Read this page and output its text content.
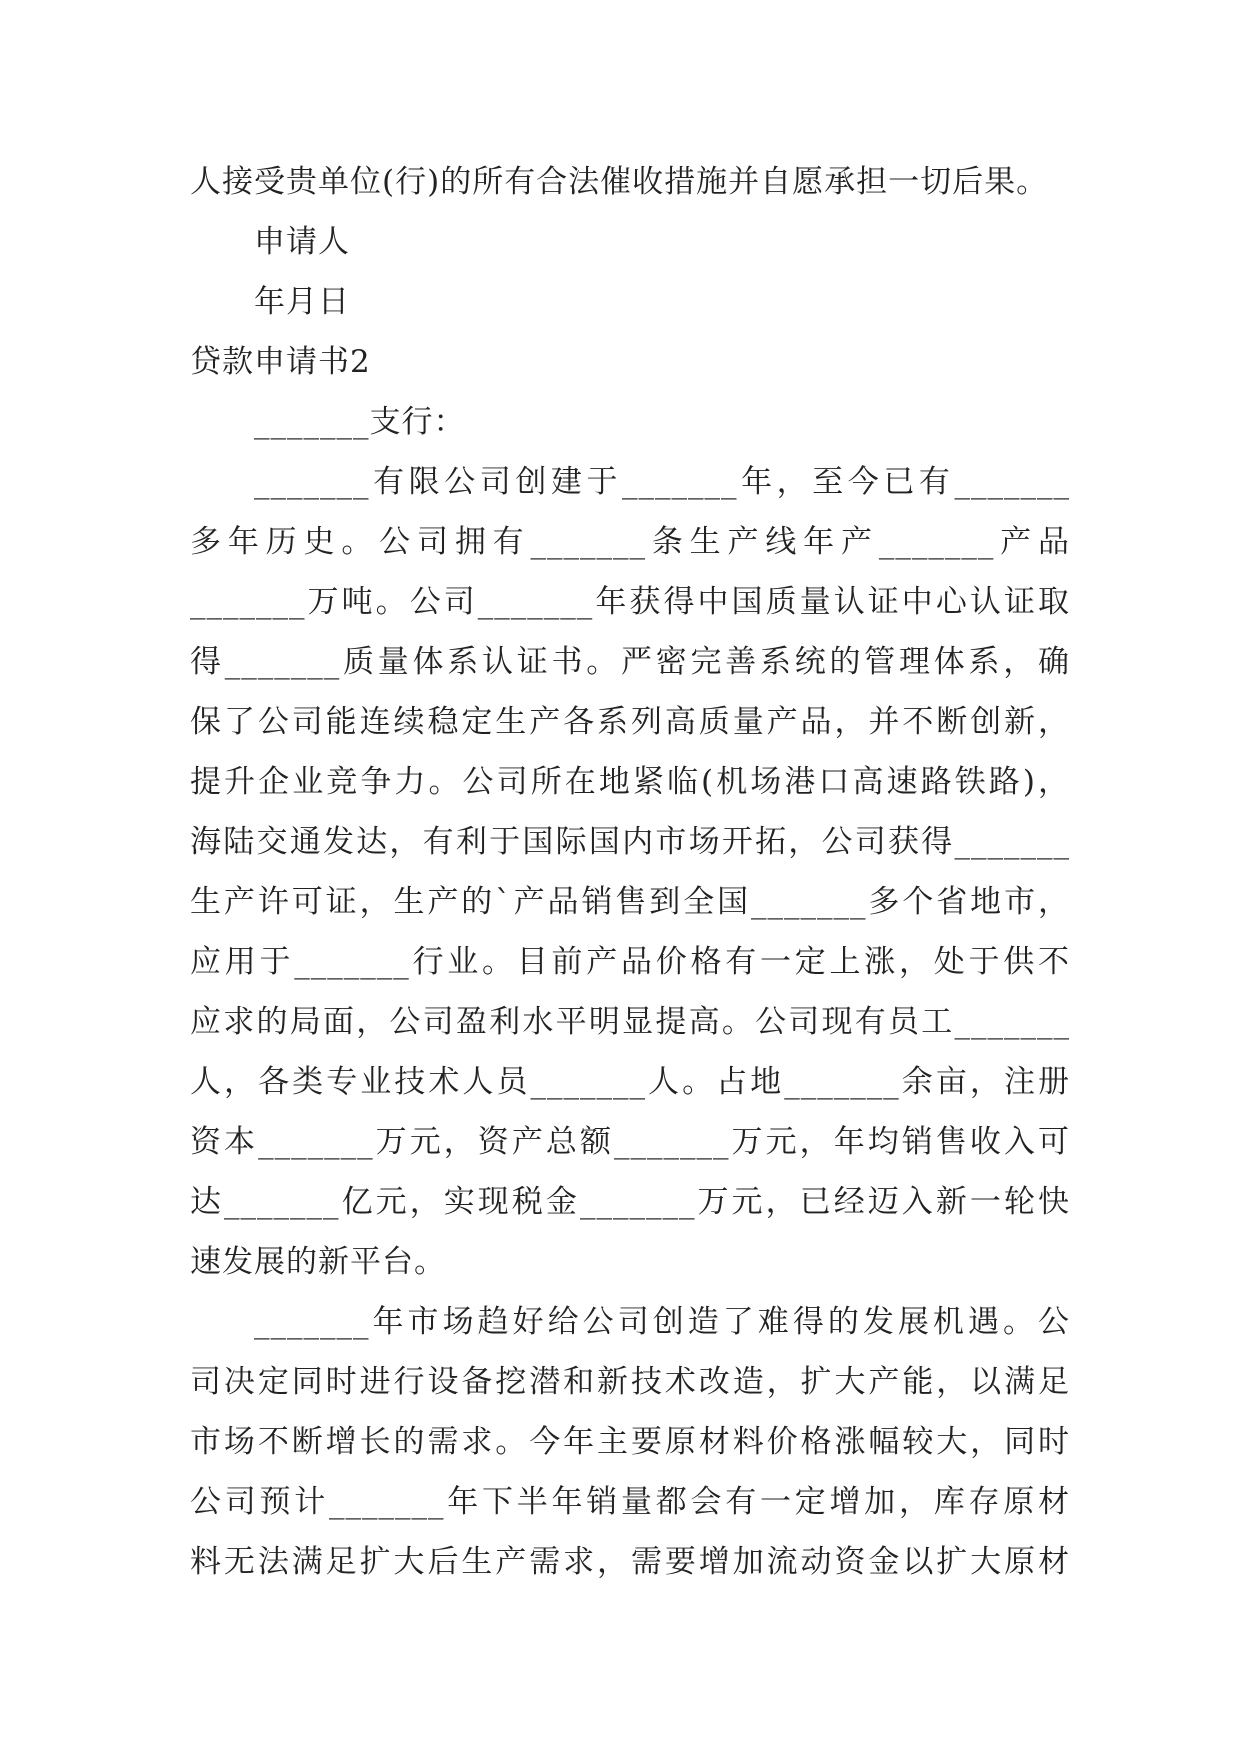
人接受贵单位(行)的所有合法催收措施并自愿承担一切后果。
申请人
年月日
贷款申请书2
_______支行：
_______有限公司创建于_______年，至今已有_______
多年历史。公司拥有_______条生产线年产_______产品
_______万吨。公司_______年获得中国质量认证中心认证取
得_______质量体系认证书。严密完善系统的管理体系，确
保了公司能连续稳定生产各系列高质量产品，并不断创新，
提升企业竞争力。公司所在地紧临(机场港口高速路铁路)，
海陆交通发达，有利于国际国内市场开拓，公司获得_______
生产许可证，生产的`产品销售到全国_______多个省地市，
应用于_______行业。目前产品价格有一定上涨，处于供不
应求的局面，公司盈利水平明显提高。公司现有员工_______
人，各类专业技术人员_______人。占地_______余亩，注册
资本_______万元，资产总额_______万元，年均销售收入可
达_______亿元，实现税金_______万元，已经迈入新一轮快
速发展的新平台。
_______年市场趋好给公司创造了难得的发展机遇。公
司决定同时进行设备挖潜和新技术改造，扩大产能，以满足
市场不断增长的需求。今年主要原材料价格涨幅较大，同时
公司预计_______年下半年销量都会有一定增加，库存原材
料无法满足扩大后生产需求，需要增加流动资金以扩大原材
